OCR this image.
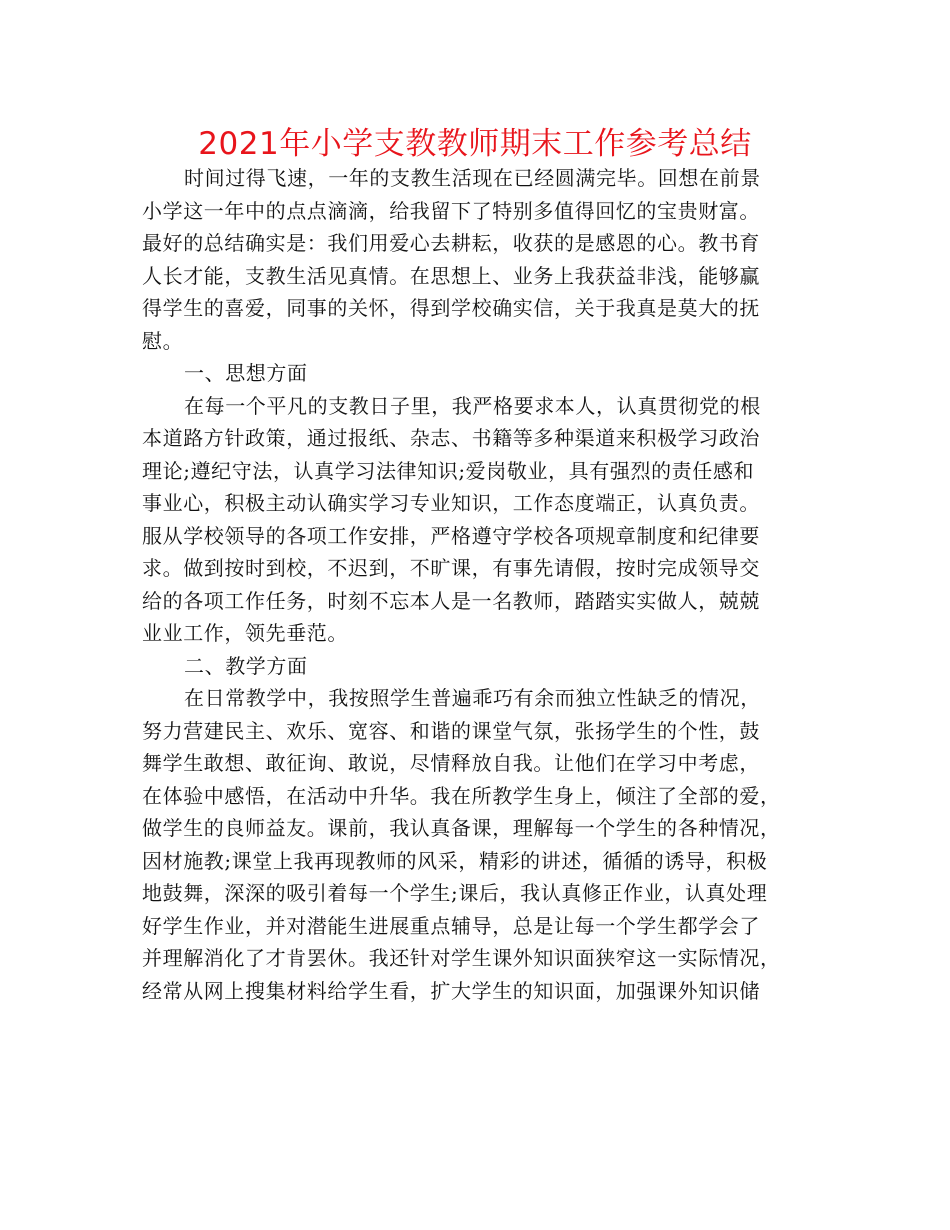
2021年小学支教教师期末工作参考总结
时间过得飞速，一年的支教生活现在已经圆满完毕。回想在前景
小学这一年中的点点滴滴，给我留下了特别多值得回忆的宝贵财富。
最好的总结确实是：我们用爱心去耕耘，收获的是感恩的心。教书育
人长才能，支教生活见真情。在思想上、业务上我获益非浅，能够赢
得学生的喜爱，同事的关怀，得到学校确实信，关于我真是莫大的抚
慰。
一、思想方面
在每一个平凡的支教日子里，我严格要求本人，认真贯彻党的根
本道路方针政策，通过报纸、杂志、书籍等多种渠道来积极学习政治
理论;遵纪守法，认真学习法律知识;爱岗敬业，具有强烈的责任感和
事业心，积极主动认确实学习专业知识，工作态度端正，认真负责。
服从学校领导的各项工作安排，严格遵守学校各项规章制度和纪律要
求。做到按时到校，不迟到，不旷课，有事先请假，按时完成领导交
给的各项工作任务，时刻不忘本人是一名教师，踏踏实实做人，兢兢
业业工作，领先垂范。
二、教学方面
在日常教学中，我按照学生普遍乖巧有余而独立性缺乏的情况，
努力营建民主、欢乐、宽容、和谐的课堂气氛，张扬学生的个性，鼓
舞学生敢想、敢征询、敢说，尽情释放自我。让他们在学习中考虑，
在体验中感悟，在活动中升华。我在所教学生身上，倾注了全部的爱，
做学生的良师益友。课前，我认真备课，理解每一个学生的各种情况，
因材施教;课堂上我再现教师的风采，精彩的讲述，循循的诱导，积极
地鼓舞，深深的吸引着每一个学生;课后，我认真修正作业，认真处理
好学生作业，并对潜能生进展重点辅导，总是让每一个学生都学会了
并理解消化了才肯罢休。我还针对学生课外知识面狭窄这一实际情况，
经常从网上搜集材料给学生看，扩大学生的知识面，加强课外知识储
